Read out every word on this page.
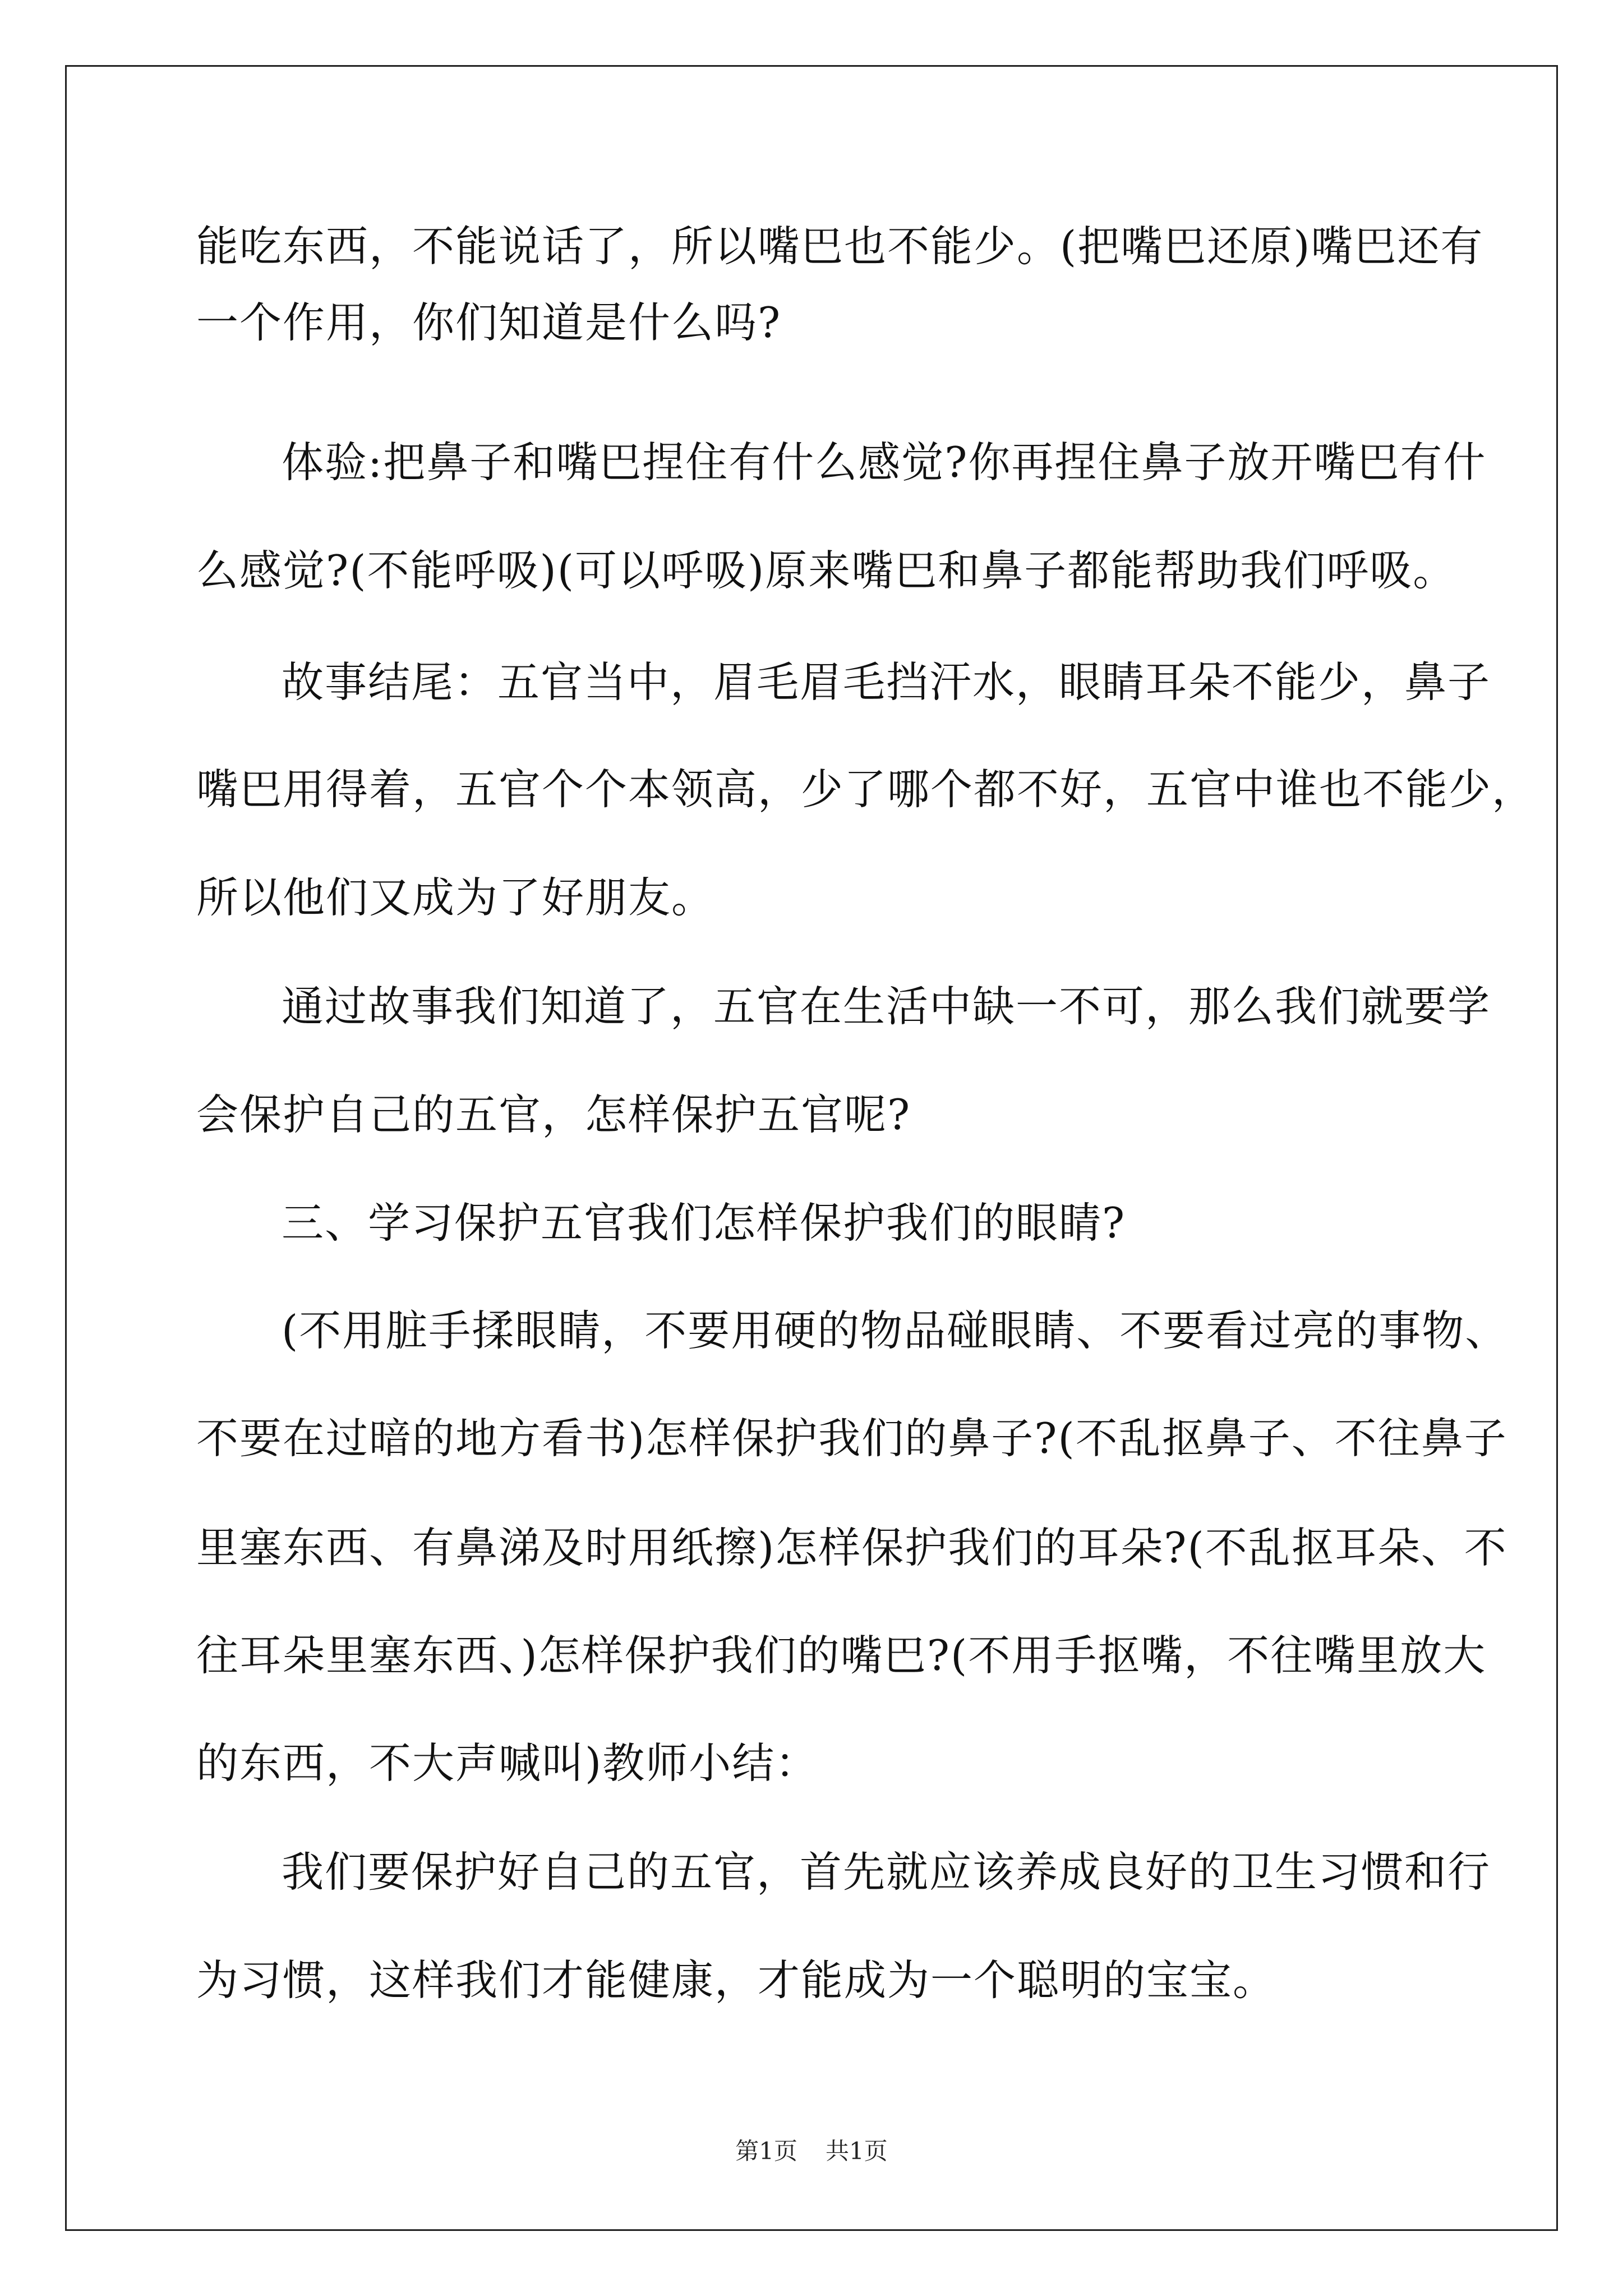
能吃东西，不能说话了，所以嘴巴也不能少。(把嘴巴还原)嘴巴还有
一个作用，你们知道是什么吗?
体验:把鼻子和嘴巴捏住有什么感觉?你再捏住鼻子放开嘴巴有什
么感觉?(不能呼吸)(可以呼吸)原来嘴巴和鼻子都能帮助我们呼吸。
故事结尾：五官当中，眉毛眉毛挡汗水，眼睛耳朵不能少，鼻子
嘴巴用得着，五官个个本领高，少了哪个都不好，五官中谁也不能少，
所以他们又成为了好朋友。
通过故事我们知道了，五官在生活中缺一不可，那么我们就要学
会保护自己的五官，怎样保护五官呢?
三、学习保护五官我们怎样保护我们的眼睛?
(不用脏手揉眼睛，不要用硬的物品碰眼睛、不要看过亮的事物、
不要在过暗的地方看书)怎样保护我们的鼻子?(不乱抠鼻子、不往鼻子
里塞东西、有鼻涕及时用纸擦)怎样保护我们的耳朵?(不乱抠耳朵、不
往耳朵里塞东西、)怎样保护我们的嘴巴?(不用手抠嘴，不往嘴里放大
的东西，不大声喊叫)教师小结：
我们要保护好自己的五官，首先就应该养成良好的卫生习惯和行
为习惯，这样我们才能健康，才能成为一个聪明的宝宝。
第1页 共1页
